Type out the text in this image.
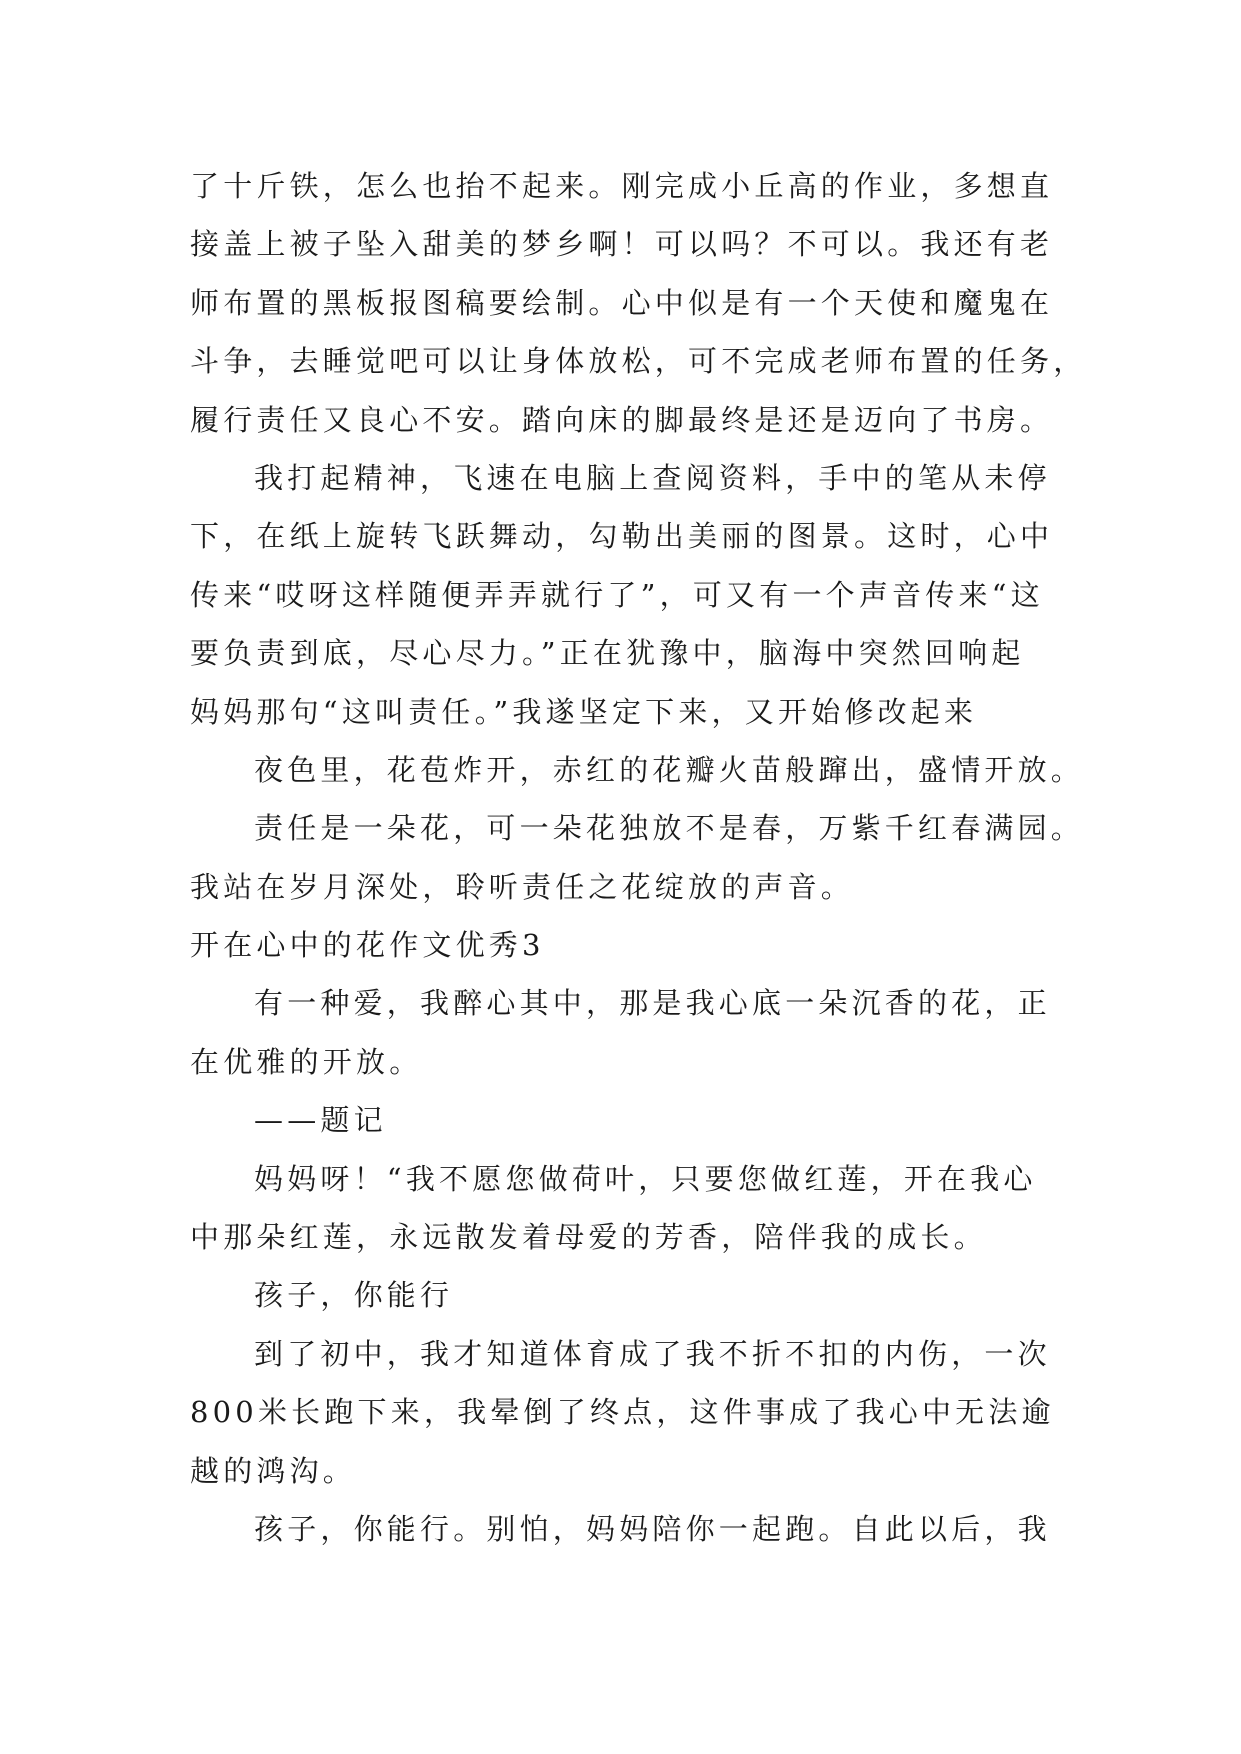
了十斤铁，怎么也抬不起来。刚完成小丘高的作业，多想直
接盖上被子坠入甜美的梦乡啊！可以吗？不可以。我还有老
师布置的黑板报图稿要绘制。心中似是有一个天使和魔鬼在
斗争，去睡觉吧可以让身体放松，可不完成老师布置的任务，
履行责任又良心不安。踏向床的脚最终是还是迈向了书房。
我打起精神，飞速在电脑上查阅资料，手中的笔从未停
下，在纸上旋转飞跃舞动，勾勒出美丽的图景。这时，心中
传来“哎呀这样随便弄弄就行了”，可又有一个声音传来“这
要负责到底，尽心尽力。”正在犹豫中，脑海中突然回响起
妈妈那句“这叫责任。”我遂坚定下来，又开始修改起来
夜色里，花苞炸开，赤红的花瓣火苗般蹿出，盛情开放。
责任是一朵花，可一朵花独放不是春，万紫千红春满园。
我站在岁月深处，聆听责任之花绽放的声音。
开在心中的花作文优秀3
有一种爱，我醉心其中，那是我心底一朵沉香的花，正
在优雅的开放。
——题记
妈妈呀！“我不愿您做荷叶，只要您做红莲，开在我心
中那朵红莲，永远散发着母爱的芳香，陪伴我的成长。
孩子，你能行
到了初中，我才知道体育成了我不折不扣的内伤，一次
800米长跑下来，我晕倒了终点，这件事成了我心中无法逾
越的鸿沟。
孩子，你能行。别怕，妈妈陪你一起跑。自此以后，我
